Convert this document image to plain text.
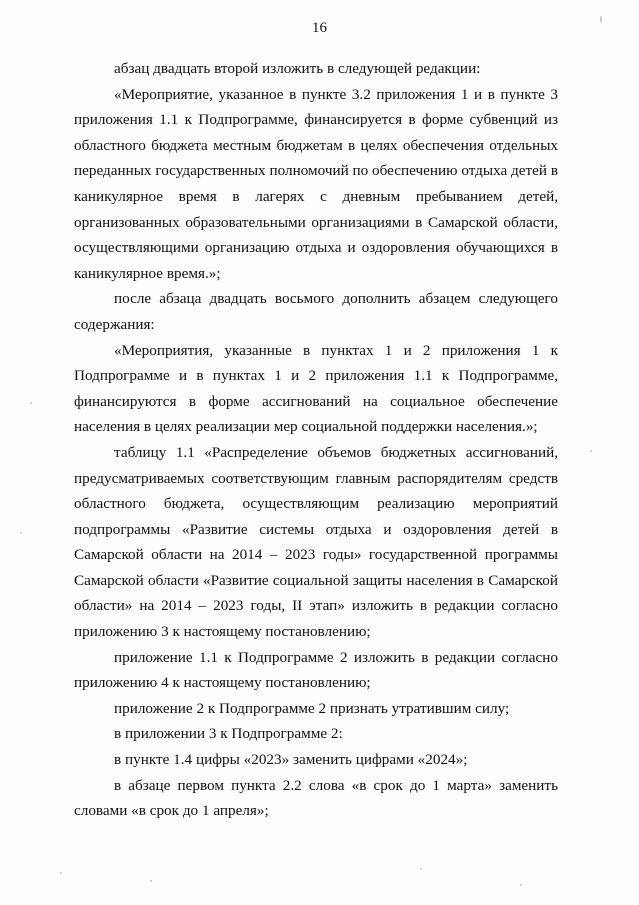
16

абзац двадцать второй изложить в следующей редакции:

«Мероприятие, указанное в пункте 3.2 приложения 1 и в пункте 3 приложения 1.1 к Подпрограмме, финансируется в форме субвенций из областного бюджета местным бюджетам в целях обеспечения отдельных переданных государственных полномочий по обеспечению отдыха детей в каникулярное время в лагерях с дневным пребыванием детей, организованных образовательными организациями в Самарской области, осуществляющими организацию отдыха и оздоровления обучающихся в каникулярное время.»;

после абзаца двадцать восьмого дополнить абзацем следующего содержания:

«Мероприятия, указанные в пунктах 1 и 2 приложения 1 к Подпрограмме и в пунктах 1 и 2 приложения 1.1 к Подпрограмме, финансируются в форме ассигнований на социальное обеспечение населения в целях реализации мер социальной поддержки населения.»;

таблицу 1.1 «Распределение объемов бюджетных ассигнований, предусматриваемых соответствующим главным распорядителям средств областного бюджета, осуществляющим реализацию мероприятий подпрограммы «Развитие системы отдыха и оздоровления детей в Самарской области на 2014 – 2023 годы» государственной программы Самарской области «Развитие социальной защиты населения в Самарской области» на 2014 – 2023 годы, II этап» изложить в редакции согласно приложению 3 к настоящему постановлению;

приложение 1.1 к Подпрограмме 2 изложить в редакции согласно приложению 4 к настоящему постановлению;

приложение 2 к Подпрограмме 2 признать утратившим силу;

в приложении 3 к Подпрограмме 2:

в пункте 1.4 цифры «2023» заменить цифрами «2024»;

в абзаце первом пункта 2.2 слова «в срок до 1 марта» заменить словами «в срок до 1 апреля»;
